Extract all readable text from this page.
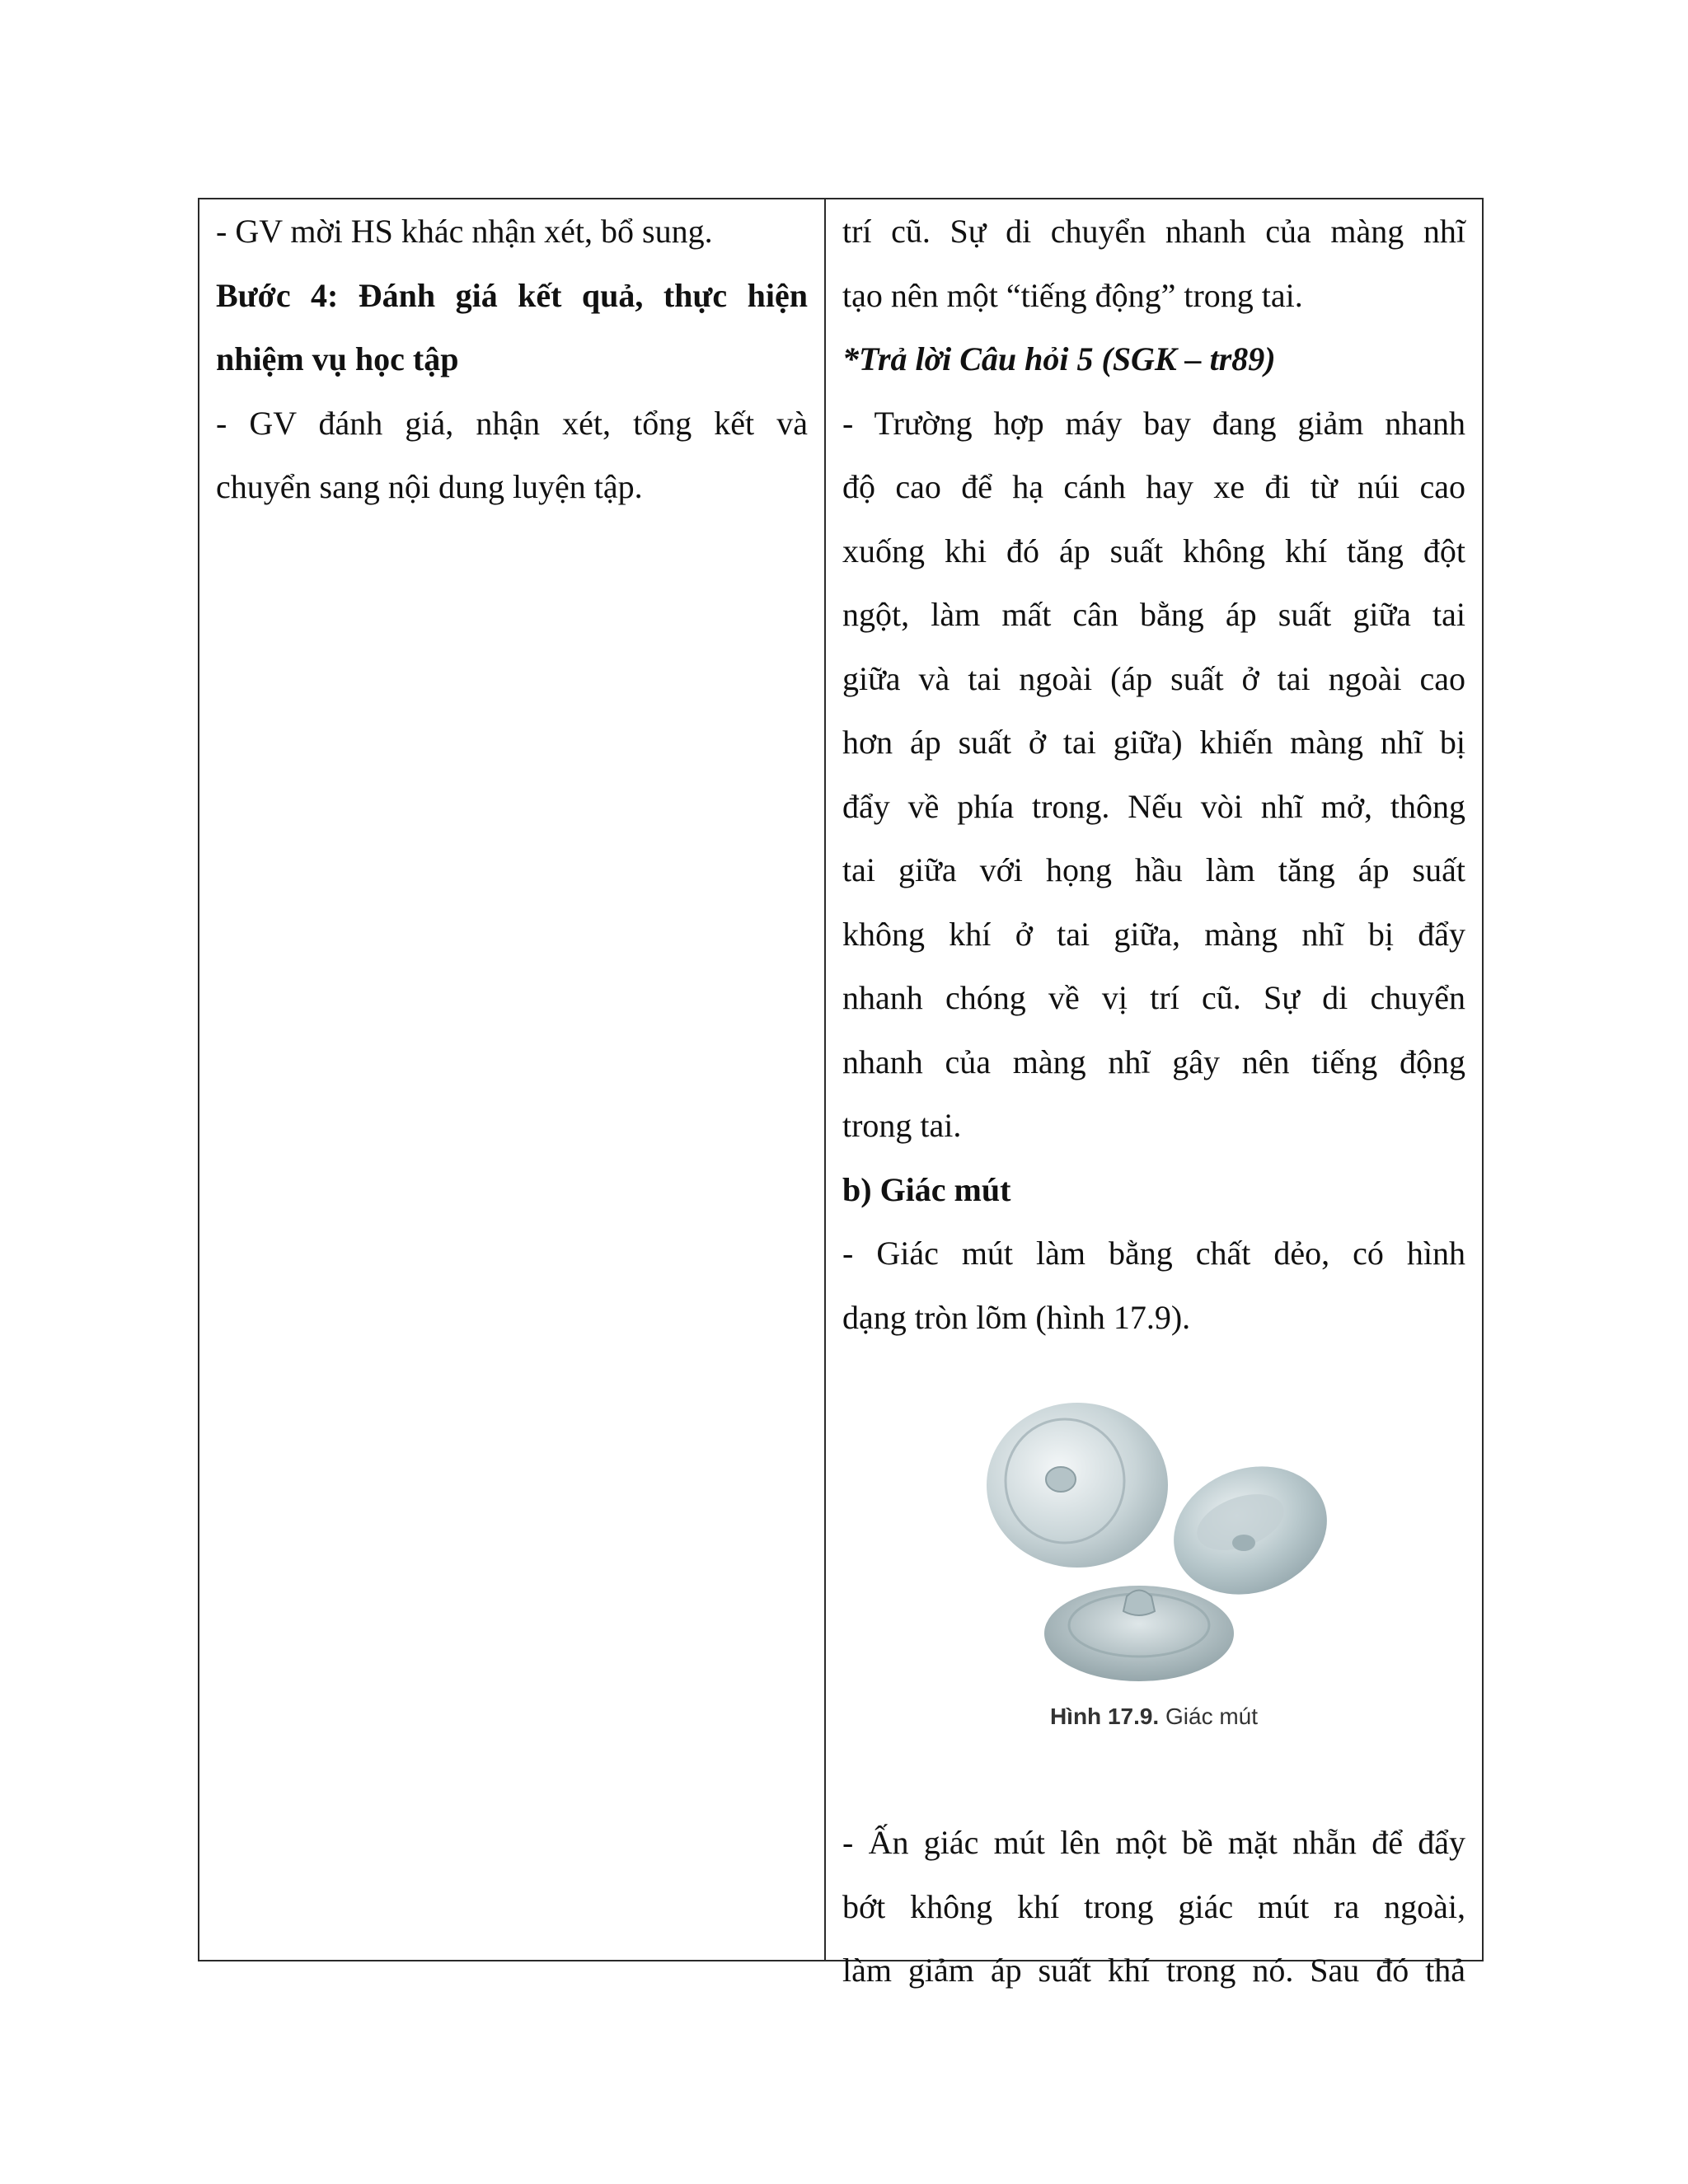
- GV mời HS khác nhận xét, bổ sung.
Bước 4: Đánh giá kết quả, thực hiện
nhiệm vụ học tập
- GV đánh giá, nhận xét, tổng kết và
chuyển sang nội dung luyện tập.
trí cũ. Sự di chuyển nhanh của màng nhĩ
tạo nên một “tiếng động” trong tai.
*Trả lời Câu hỏi 5 (SGK – tr89)
- Trường hợp máy bay đang giảm nhanh
độ cao để hạ cánh hay xe đi từ núi cao
xuống khi đó áp suất không khí tăng đột
ngột, làm mất cân bằng áp suất giữa tai
giữa và tai ngoài (áp suất ở tai ngoài cao
hơn áp suất ở tai giữa) khiến màng nhĩ bị
đẩy về phía trong. Nếu vòi nhĩ mở, thông
tai giữa với họng hầu làm tăng áp suất
không khí ở tai giữa, màng nhĩ bị đẩy
nhanh chóng về vị trí cũ. Sự di chuyển
nhanh của màng nhĩ gây nên tiếng động
trong tai.
b) Giác mút
- Giác mút làm bằng chất dẻo, có hình
dạng tròn lõm (hình 17.9).
Hình 17.9. Giác mút
- Ấn giác mút lên một bề mặt nhẵn để đẩy
bớt không khí trong giác mút ra ngoài,
làm giảm áp suất khí trong nó. Sau đó thả
